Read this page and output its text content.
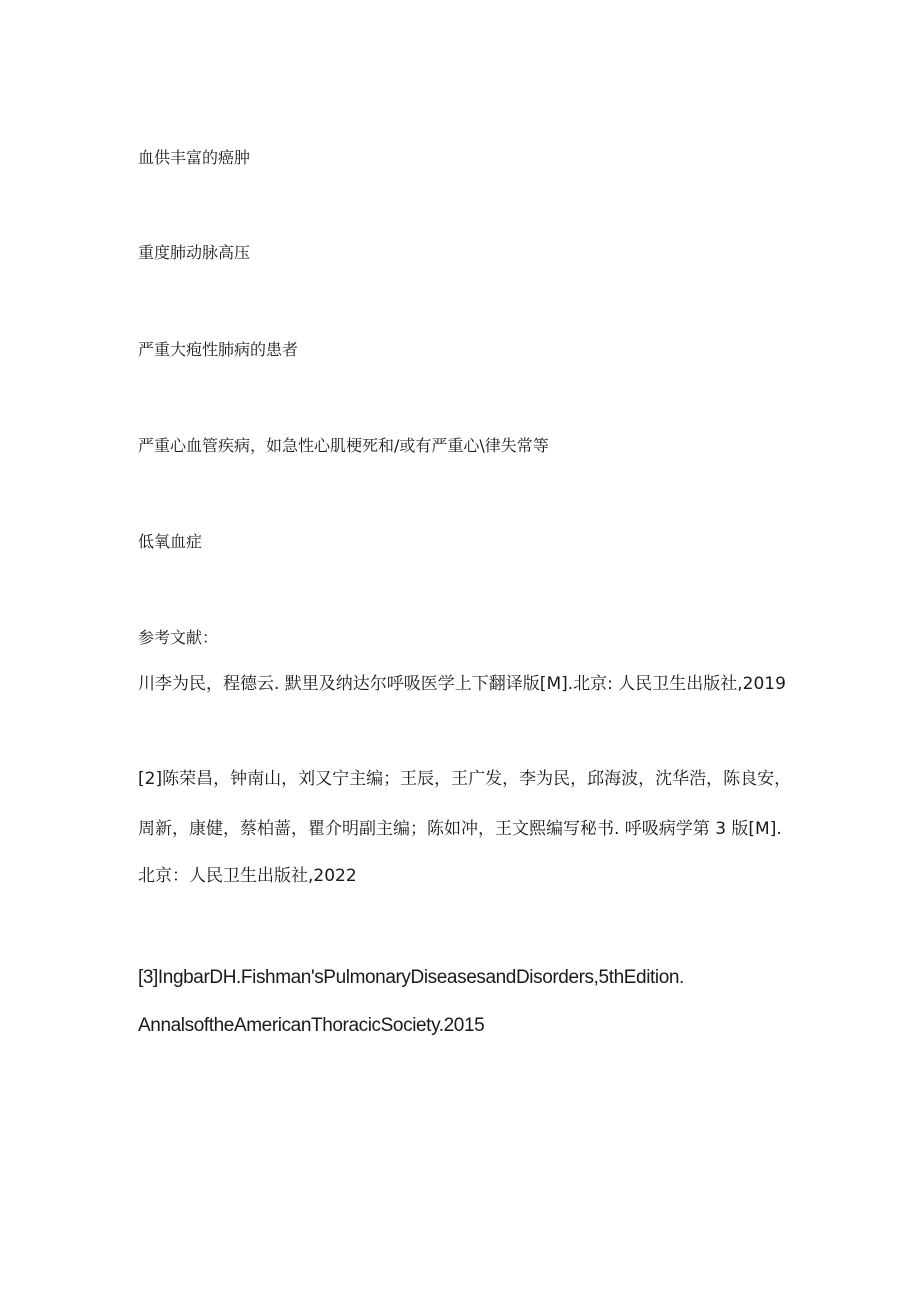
血供丰富的癌肿
重度肺动脉高压
严重大疱性肺病的患者
严重心血管疾病，如急性心肌梗死和/或有严重心\律失常等
低氧血症
参考文献：
川李为民，程德云. 默里及纳达尔呼吸医学上下翻译版[M].北京: 人民卫生出版社,2019
[2]陈荣昌，钟南山，刘又宁主编；王辰，王广发，李为民，邱海波，沈华浩，陈良安，
周新，康健，蔡柏蔷，瞿介明副主编；陈如冲，王文熙编写秘书. 呼吸病学第 3 版[M].
北京：人民卫生出版社,2022
[3]IngbarDH.Fishman'sPulmonaryDiseasesandDisorders,5thEdition.
AnnalsoftheAmericanThoracicSociety.2015
